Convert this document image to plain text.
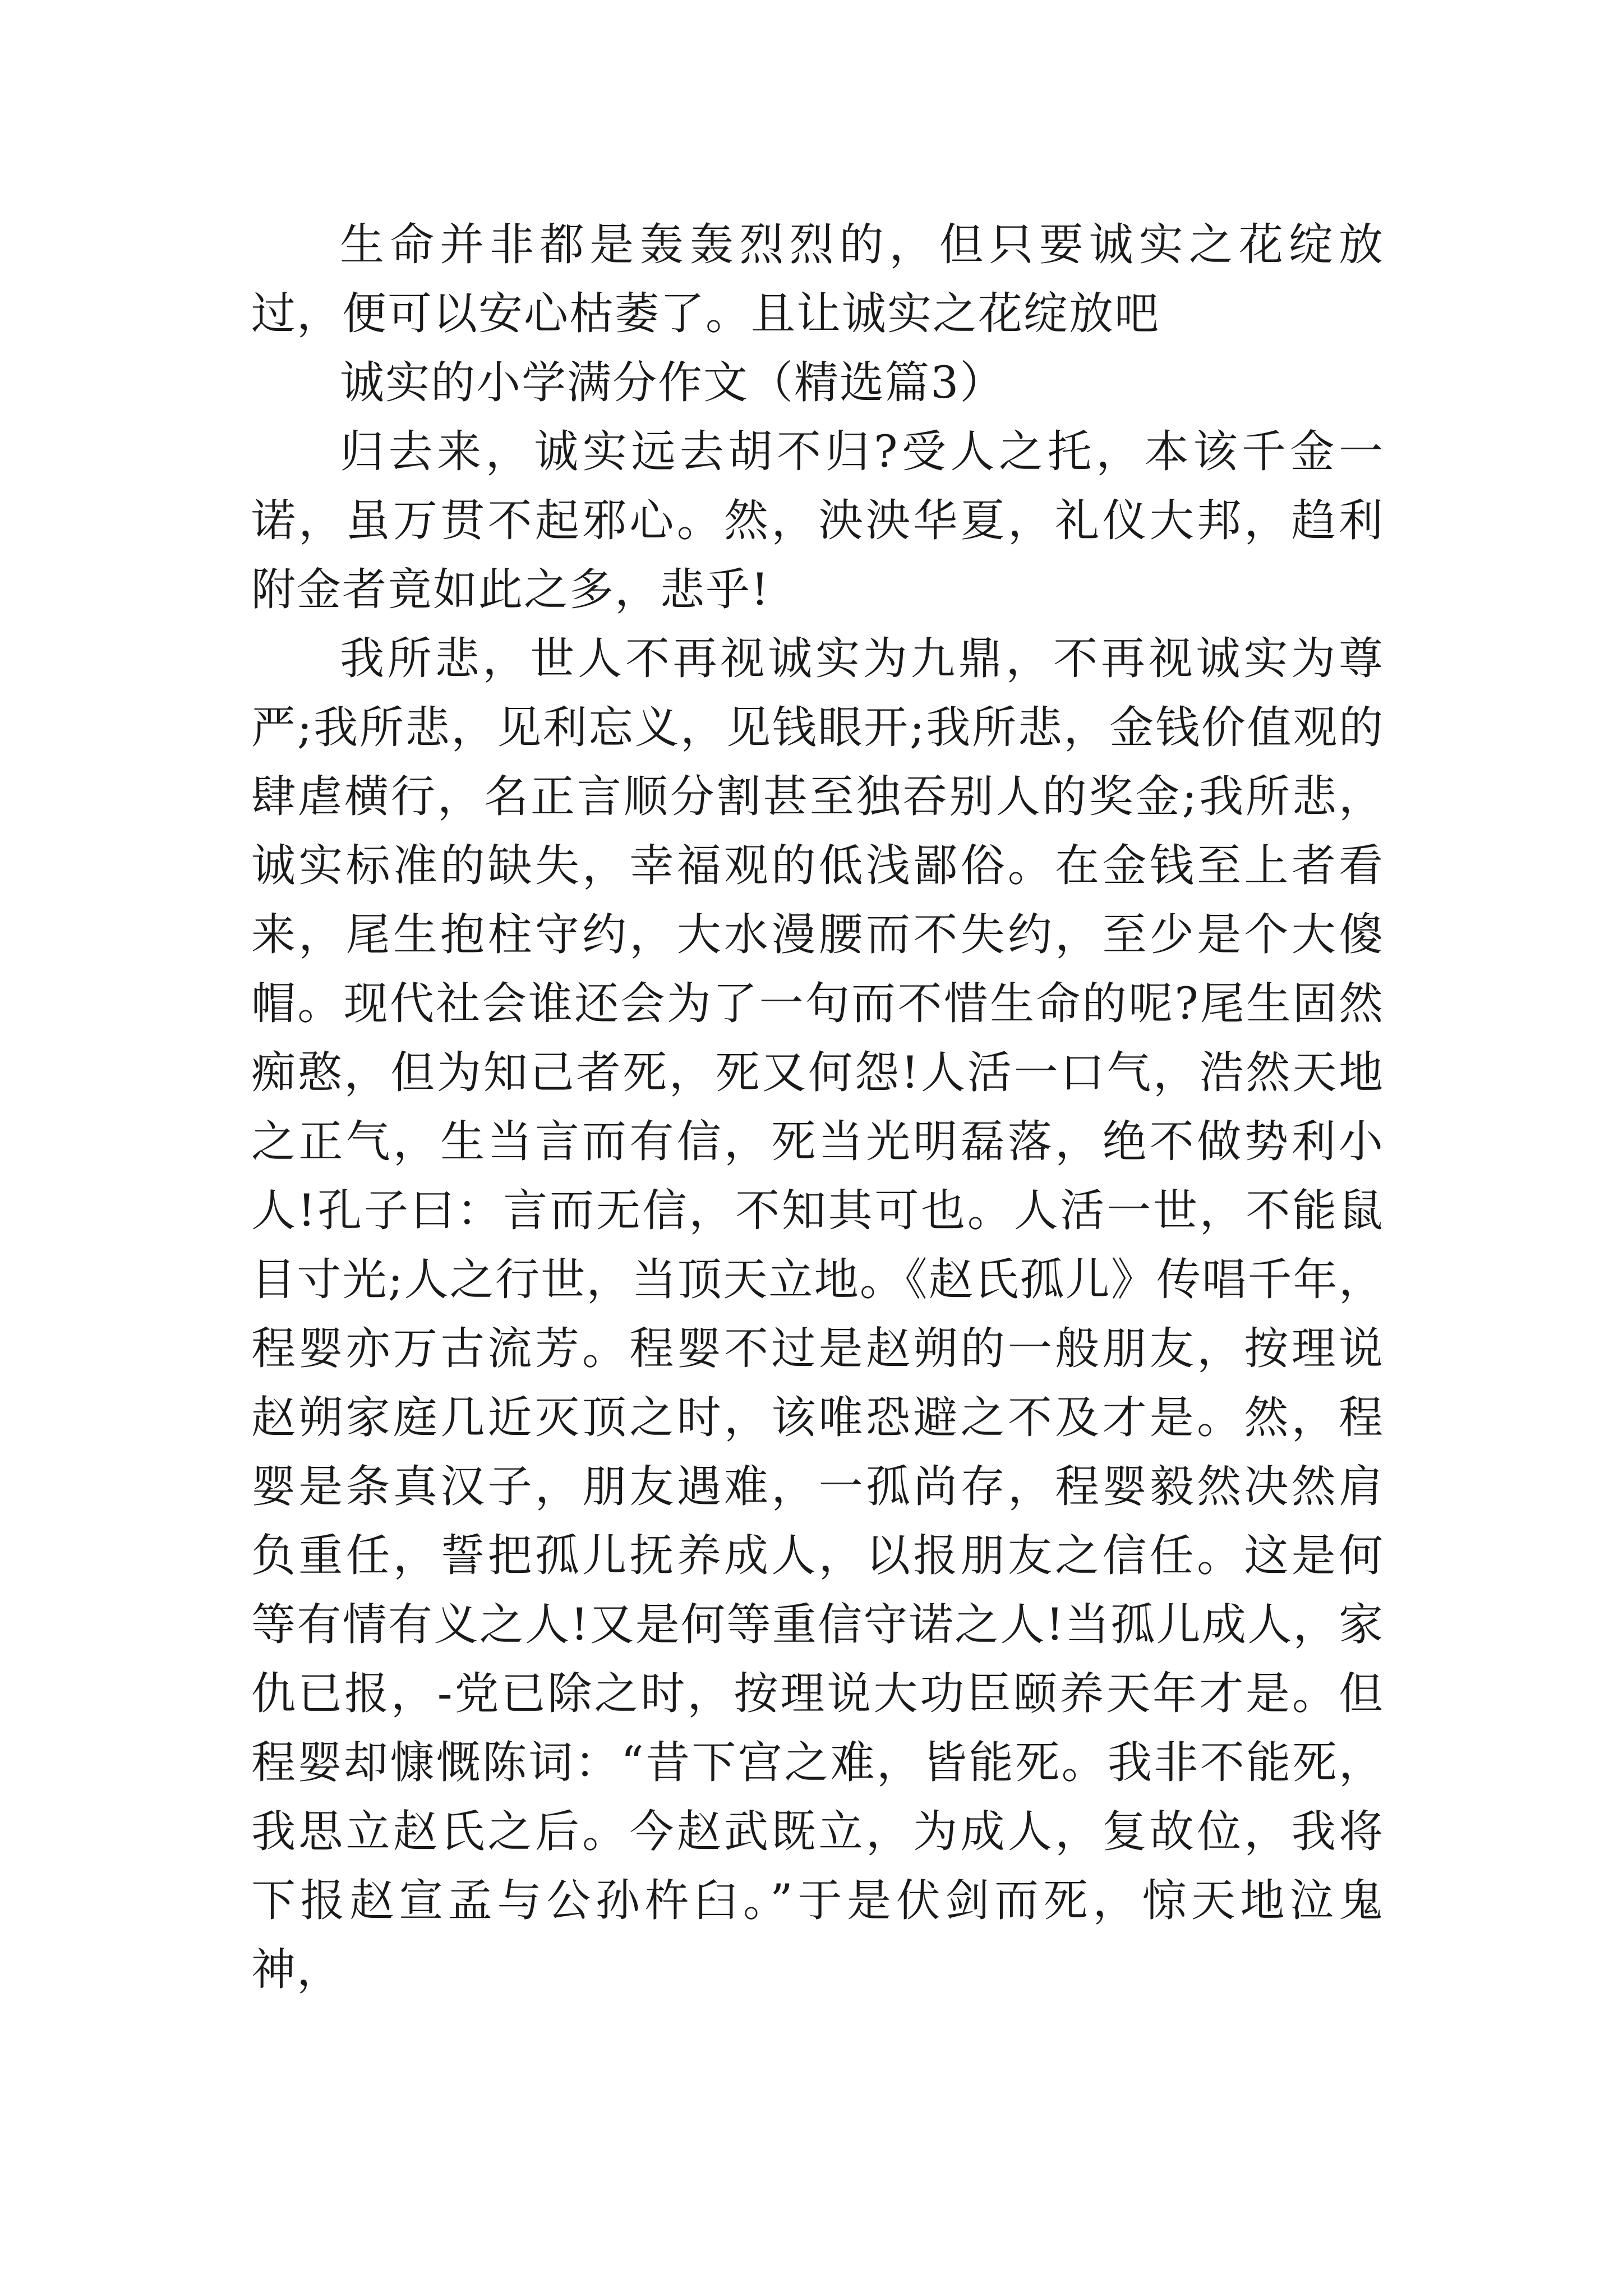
生命并非都是轰轰烈烈的，但只要诚实之花绽放过，便可以安心枯萎了。且让诚实之花绽放吧

诚实的小学满分作文（精选篇3）

归去来，诚实远去胡不归?受人之托，本该千金一诺，虽万贯不起邪心。然，泱泱华夏，礼仪大邦，趋利附金者竟如此之多，悲乎!

我所悲，世人不再视诚实为九鼎，不再视诚实为尊严;我所悲，见利忘义，见钱眼开;我所悲，金钱价值观的肆虐横行，名正言顺分割甚至独吞别人的奖金;我所悲，诚实标准的缺失，幸福观的低浅鄙俗。在金钱至上者看来，尾生抱柱守约，大水漫腰而不失约，至少是个大傻帽。现代社会谁还会为了一句而不惜生命的呢?尾生固然痴憨，但为知己者死，死又何怨!人活一口气，浩然天地之正气，生当言而有信，死当光明磊落，绝不做势利小人!孔子曰：言而无信，不知其可也。人活一世，不能鼠目寸光;人之行世，当顶天立地。《赵氏孤儿》传唱千年，程婴亦万古流芳。程婴不过是赵朔的一般朋友，按理说赵朔家庭几近灭顶之时，该唯恐避之不及才是。然，程婴是条真汉子，朋友遇难，一孤尚存，程婴毅然决然肩负重任，誓把孤儿抚养成人，以报朋友之信任。这是何等有情有义之人!又是何等重信守诺之人!当孤儿成人，家仇已报，-党已除之时，按理说大功臣颐养天年才是。但程婴却慷慨陈词：“昔下宫之难，皆能死。我非不能死，我思立赵氏之后。今赵武既立，为成人，复故位，我将下报赵宣孟与公孙杵臼。”于是伏剑而死，惊天地泣鬼神，
